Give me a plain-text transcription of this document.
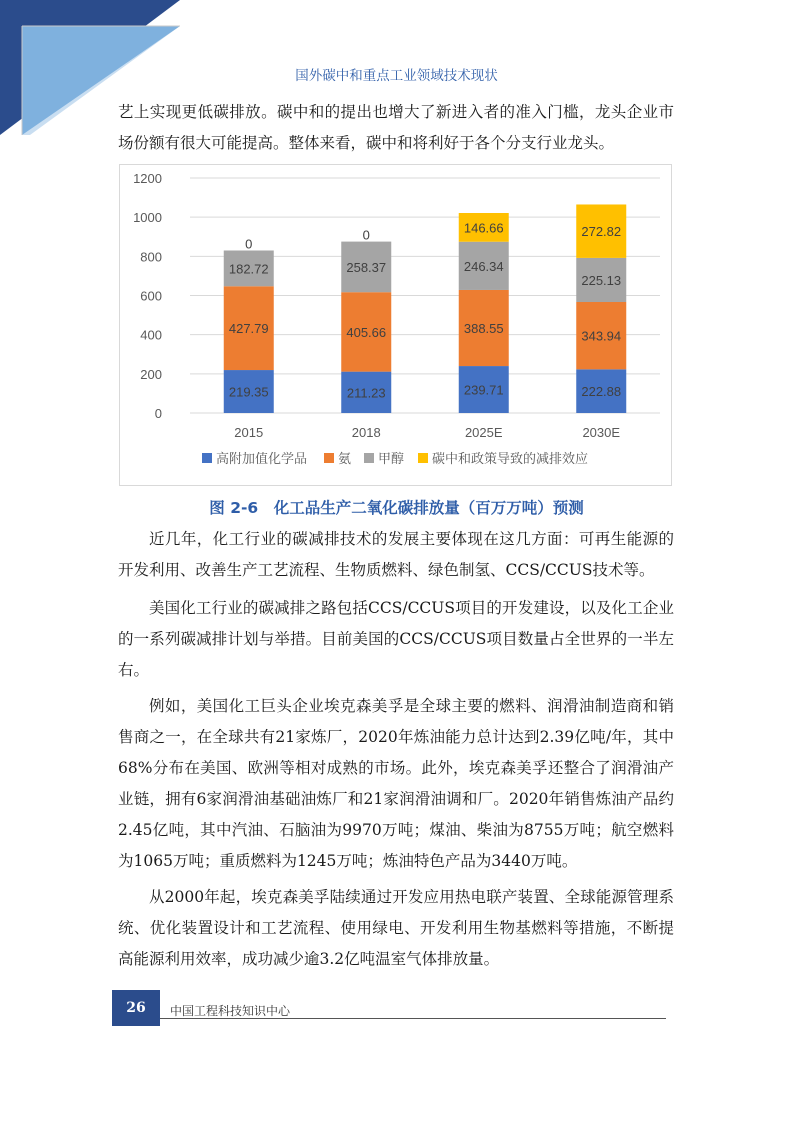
国外碳中和重点工业领域技术现状

艺上实现更低碳排放。碳中和的提出也增大了新进入者的准入门槛，龙头企业市场份额有很大可能提高。整体来看，碳中和将利好于各个分支行业龙头。

0
200
400
600
800
1000
1200
219.35
427.79
182.72
0
2015
211.23
405.66
258.37
0
2018
239.71
388.55
246.34
146.66
2025E
222.88
343.94
225.13
272.82
2030E
高附加值化学品 氨 甲醇 碳中和政策导致的减排效应
图 2-6　化工品生产二氧化碳排放量（百万万吨）预测

近几年，化工行业的碳减排技术的发展主要体现在这几方面：可再生能源的开发利用、改善生产工艺流程、生物质燃料、绿色制氢、CCS/CCUS技术等。

美国化工行业的碳减排之路包括CCS/CCUS项目的开发建设，以及化工企业的一系列碳减排计划与举措。目前美国的CCS/CCUS项目数量占全世界的一半左右。

例如，美国化工巨头企业埃克森美孚是全球主要的燃料、润滑油制造商和销售商之一，在全球共有21家炼厂，2020年炼油能力总计达到2.39亿吨/年，其中68%分布在美国、欧洲等相对成熟的市场。此外，埃克森美孚还整合了润滑油产业链，拥有6家润滑油基础油炼厂和21家润滑油调和厂。2020年销售炼油产品约2.45亿吨，其中汽油、石脑油为9970万吨；煤油、柴油为8755万吨；航空燃料为1065万吨；重质燃料为1245万吨；炼油特色产品为3440万吨。

从2000年起，埃克森美孚陆续通过开发应用热电联产装置、全球能源管理系统、优化装置设计和工艺流程、使用绿电、开发利用生物基燃料等措施，不断提高能源利用效率，成功减少逾3.2亿吨温室气体排放量。

26	中国工程科技知识中心
